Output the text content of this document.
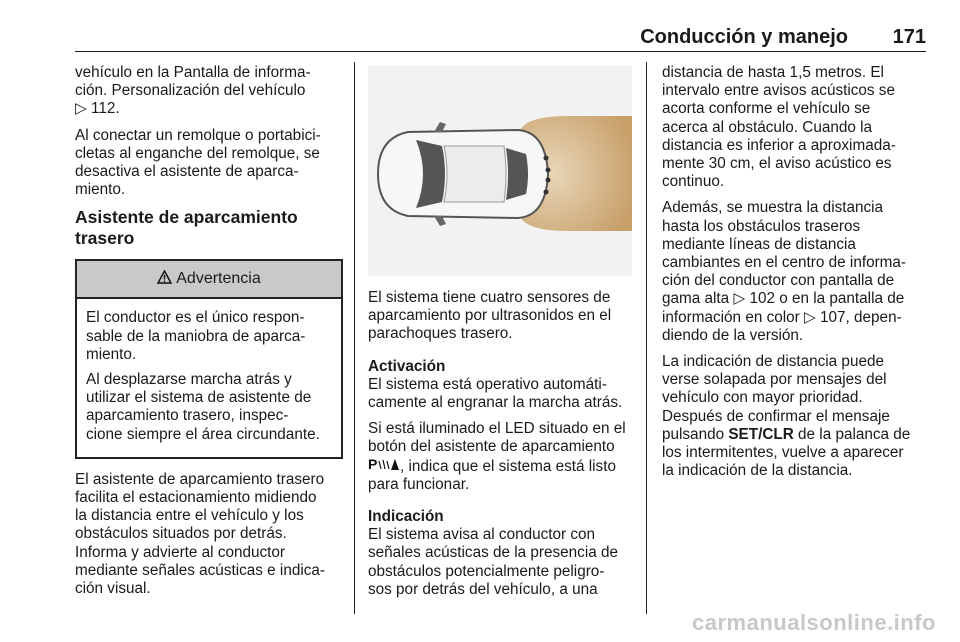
Conducción y manejo 171

vehículo en la Pantalla de informa-
ción. Personalización del vehículo
▷ 112.

Al conectar un remolque o portabici-
cletas al enganche del remolque, se
desactiva el asistente de aparca-
miento.

Asistente de aparcamiento
trasero
Advertencia

El conductor es el único respon-
sable de la maniobra de aparca-
miento.

Al desplazarse marcha atrás y
utilizar el sistema de asistente de
aparcamiento trasero, inspec-
cione siempre el área circundante.

El asistente de aparcamiento trasero
facilita el estacionamiento midiendo
la distancia entre el vehículo y los
obstáculos situados por detrás.
Informa y advierte al conductor
mediante señales acústicas e indica-
ción visual.

El sistema tiene cuatro sensores de
aparcamiento por ultrasonidos en el
parachoques trasero.

Activación
El sistema está operativo automáti-
camente al engranar la marcha atrás.

Si está iluminado el LED situado en el
botón del asistente de aparcamiento
P , indica que el sistema está listo
para funcionar.

Indicación
El sistema avisa al conductor con
señales acústicas de la presencia de
obstáculos potencialmente peligro-
sos por detrás del vehículo, a una

distancia de hasta 1,5 metros. El
intervalo entre avisos acústicos se
acorta conforme el vehículo se
acerca al obstáculo. Cuando la
distancia es inferior a aproximada-
mente 30 cm, el aviso acústico es
continuo.

Además, se muestra la distancia
hasta los obstáculos traseros
mediante líneas de distancia
cambiantes en el centro de informa-
ción del conductor con pantalla de
gama alta ▷ 102 o en la pantalla de
información en color ▷ 107, depen-
diendo de la versión.

La indicación de distancia puede
verse solapada por mensajes del
vehículo con mayor prioridad.
Después de confirmar el mensaje
pulsando SET/CLR de la palanca de
los intermitentes, vuelve a aparecer
la indicación de la distancia.

carmanualsonline.info
